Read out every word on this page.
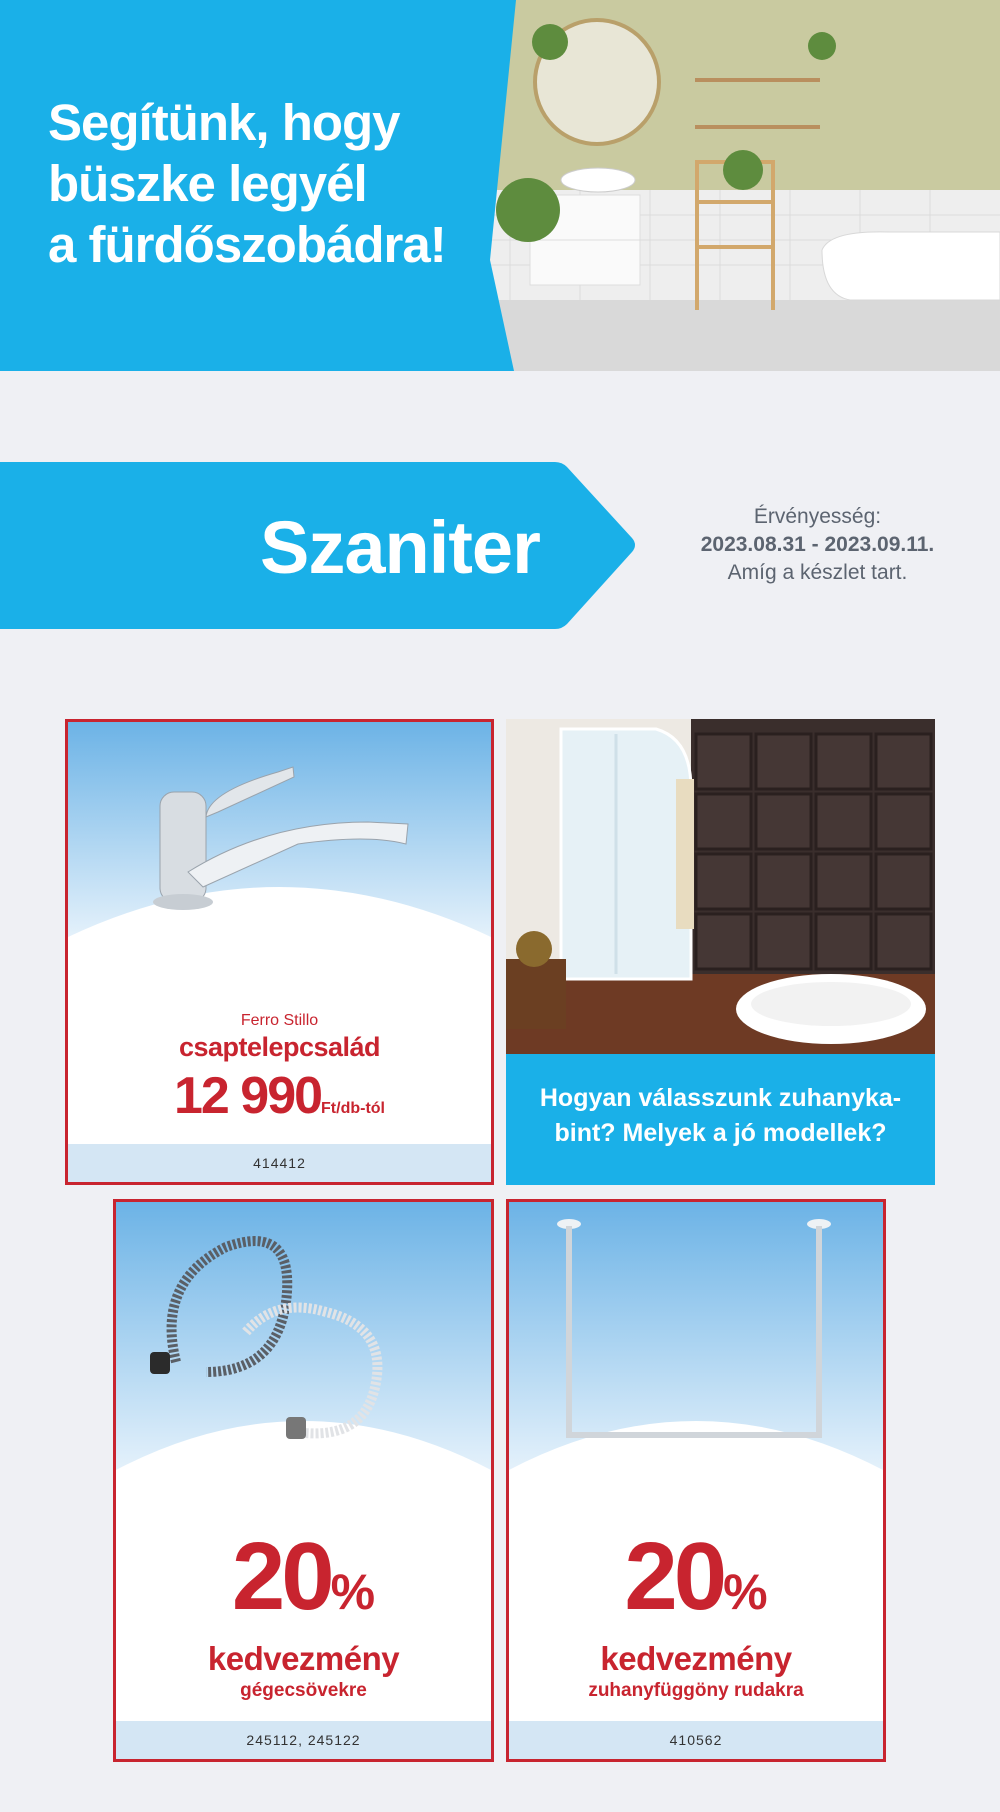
Segítünk, hogy
büszke legyél
a fürdőszobádra!
Szaniter	Érvényesség:
2023.08.31 - 2023.09.11.
Amíg a készlet tart.
Ferro Stillo
csaptelepcsalád
12 990Ft/db-tól
414412
Hogyan válasszunk zuhanyka-
bint? Melyek a jó modellek?
20%
kedvezmény
gégecsövekre
245112, 245122
20%
kedvezmény
zuhanyfüggöny rudakra
410562
